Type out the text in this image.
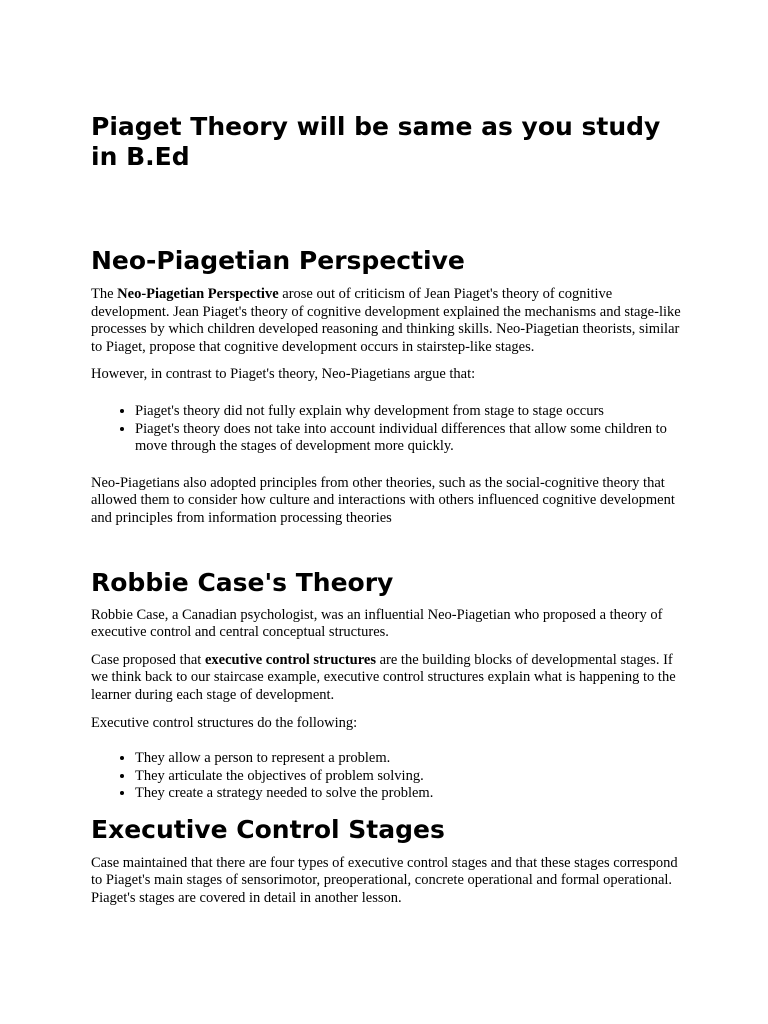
Piaget Theory will be same as you study in B.Ed
Neo-Piagetian Perspective

The Neo-Piagetian Perspective arose out of criticism of Jean Piaget's theory of cognitive development. Jean Piaget's theory of cognitive development explained the mechanisms and stage-like processes by which children developed reasoning and thinking skills. Neo-Piagetian theorists, similar to Piaget, propose that cognitive development occurs in stairstep-like stages.

However, in contrast to Piaget's theory, Neo-Piagetians argue that:

• Piaget's theory did not fully explain why development from stage to stage occurs
• Piaget's theory does not take into account individual differences that allow some children to move through the stages of development more quickly.

Neo-Piagetians also adopted principles from other theories, such as the social-cognitive theory that allowed them to consider how culture and interactions with others influenced cognitive development and principles from information processing theories

Robbie Case's Theory

Robbie Case, a Canadian psychologist, was an influential Neo-Piagetian who proposed a theory of executive control and central conceptual structures.

Case proposed that executive control structures are the building blocks of developmental stages. If we think back to our staircase example, executive control structures explain what is happening to the learner during each stage of development.

Executive control structures do the following:

• They allow a person to represent a problem.
• They articulate the objectives of problem solving.
• They create a strategy needed to solve the problem.
Executive Control Stages

Case maintained that there are four types of executive control stages and that these stages correspond to Piaget's main stages of sensorimotor, preoperational, concrete operational and formal operational. Piaget's stages are covered in detail in another lesson.
